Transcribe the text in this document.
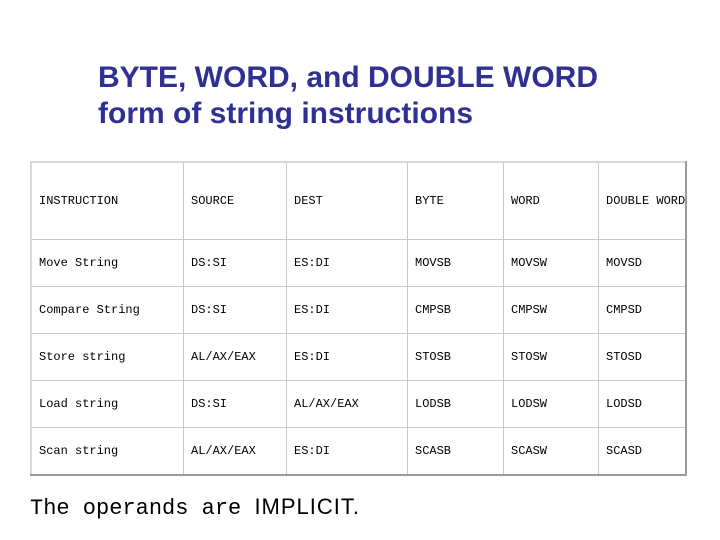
BYTE, WORD, and DOUBLE WORD
form of string instructions
INSTRUCTION	SOURCE	DEST	BYTE	WORD	DOUBLE WORD
Move String	DS:SI	ES:DI	MOVSB	MOVSW	MOVSD
Compare String	DS:SI	ES:DI	CMPSB	CMPSW	CMPSD
Store string	AL/AX/EAX	ES:DI	STOSB	STOSW	STOSD
Load string	DS:SI	AL/AX/EAX	LODSB	LODSW	LODSD
Scan string	AL/AX/EAX	ES:DI	SCASB	SCASW	SCASD
The operands are IMPLICIT.
